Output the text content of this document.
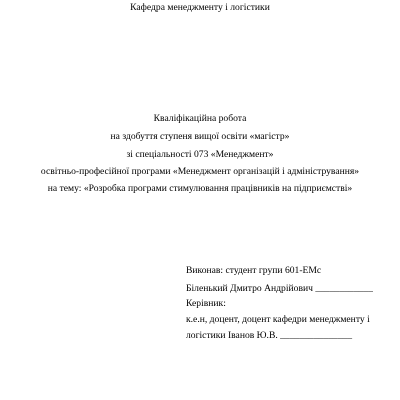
Кафедра менеджменту і логістики
Кваліфікаційна робота
на здобуття ступеня вищої освіти «магістр»
зі спеціальності 073 «Менеджмент»
освітньо-професійної програми «Менеджмент організацій і адміністрування»
на тему: «Розробка програми стимулювання працівників на підприємстві»
Виконав: студент групи 601-ЕМс
Біленький Дмитро Андрійович ____________
Керівник:
к.е.н, доцент, доцент кафедри менеджменту і
логістики Іванов Ю.В. _______________
